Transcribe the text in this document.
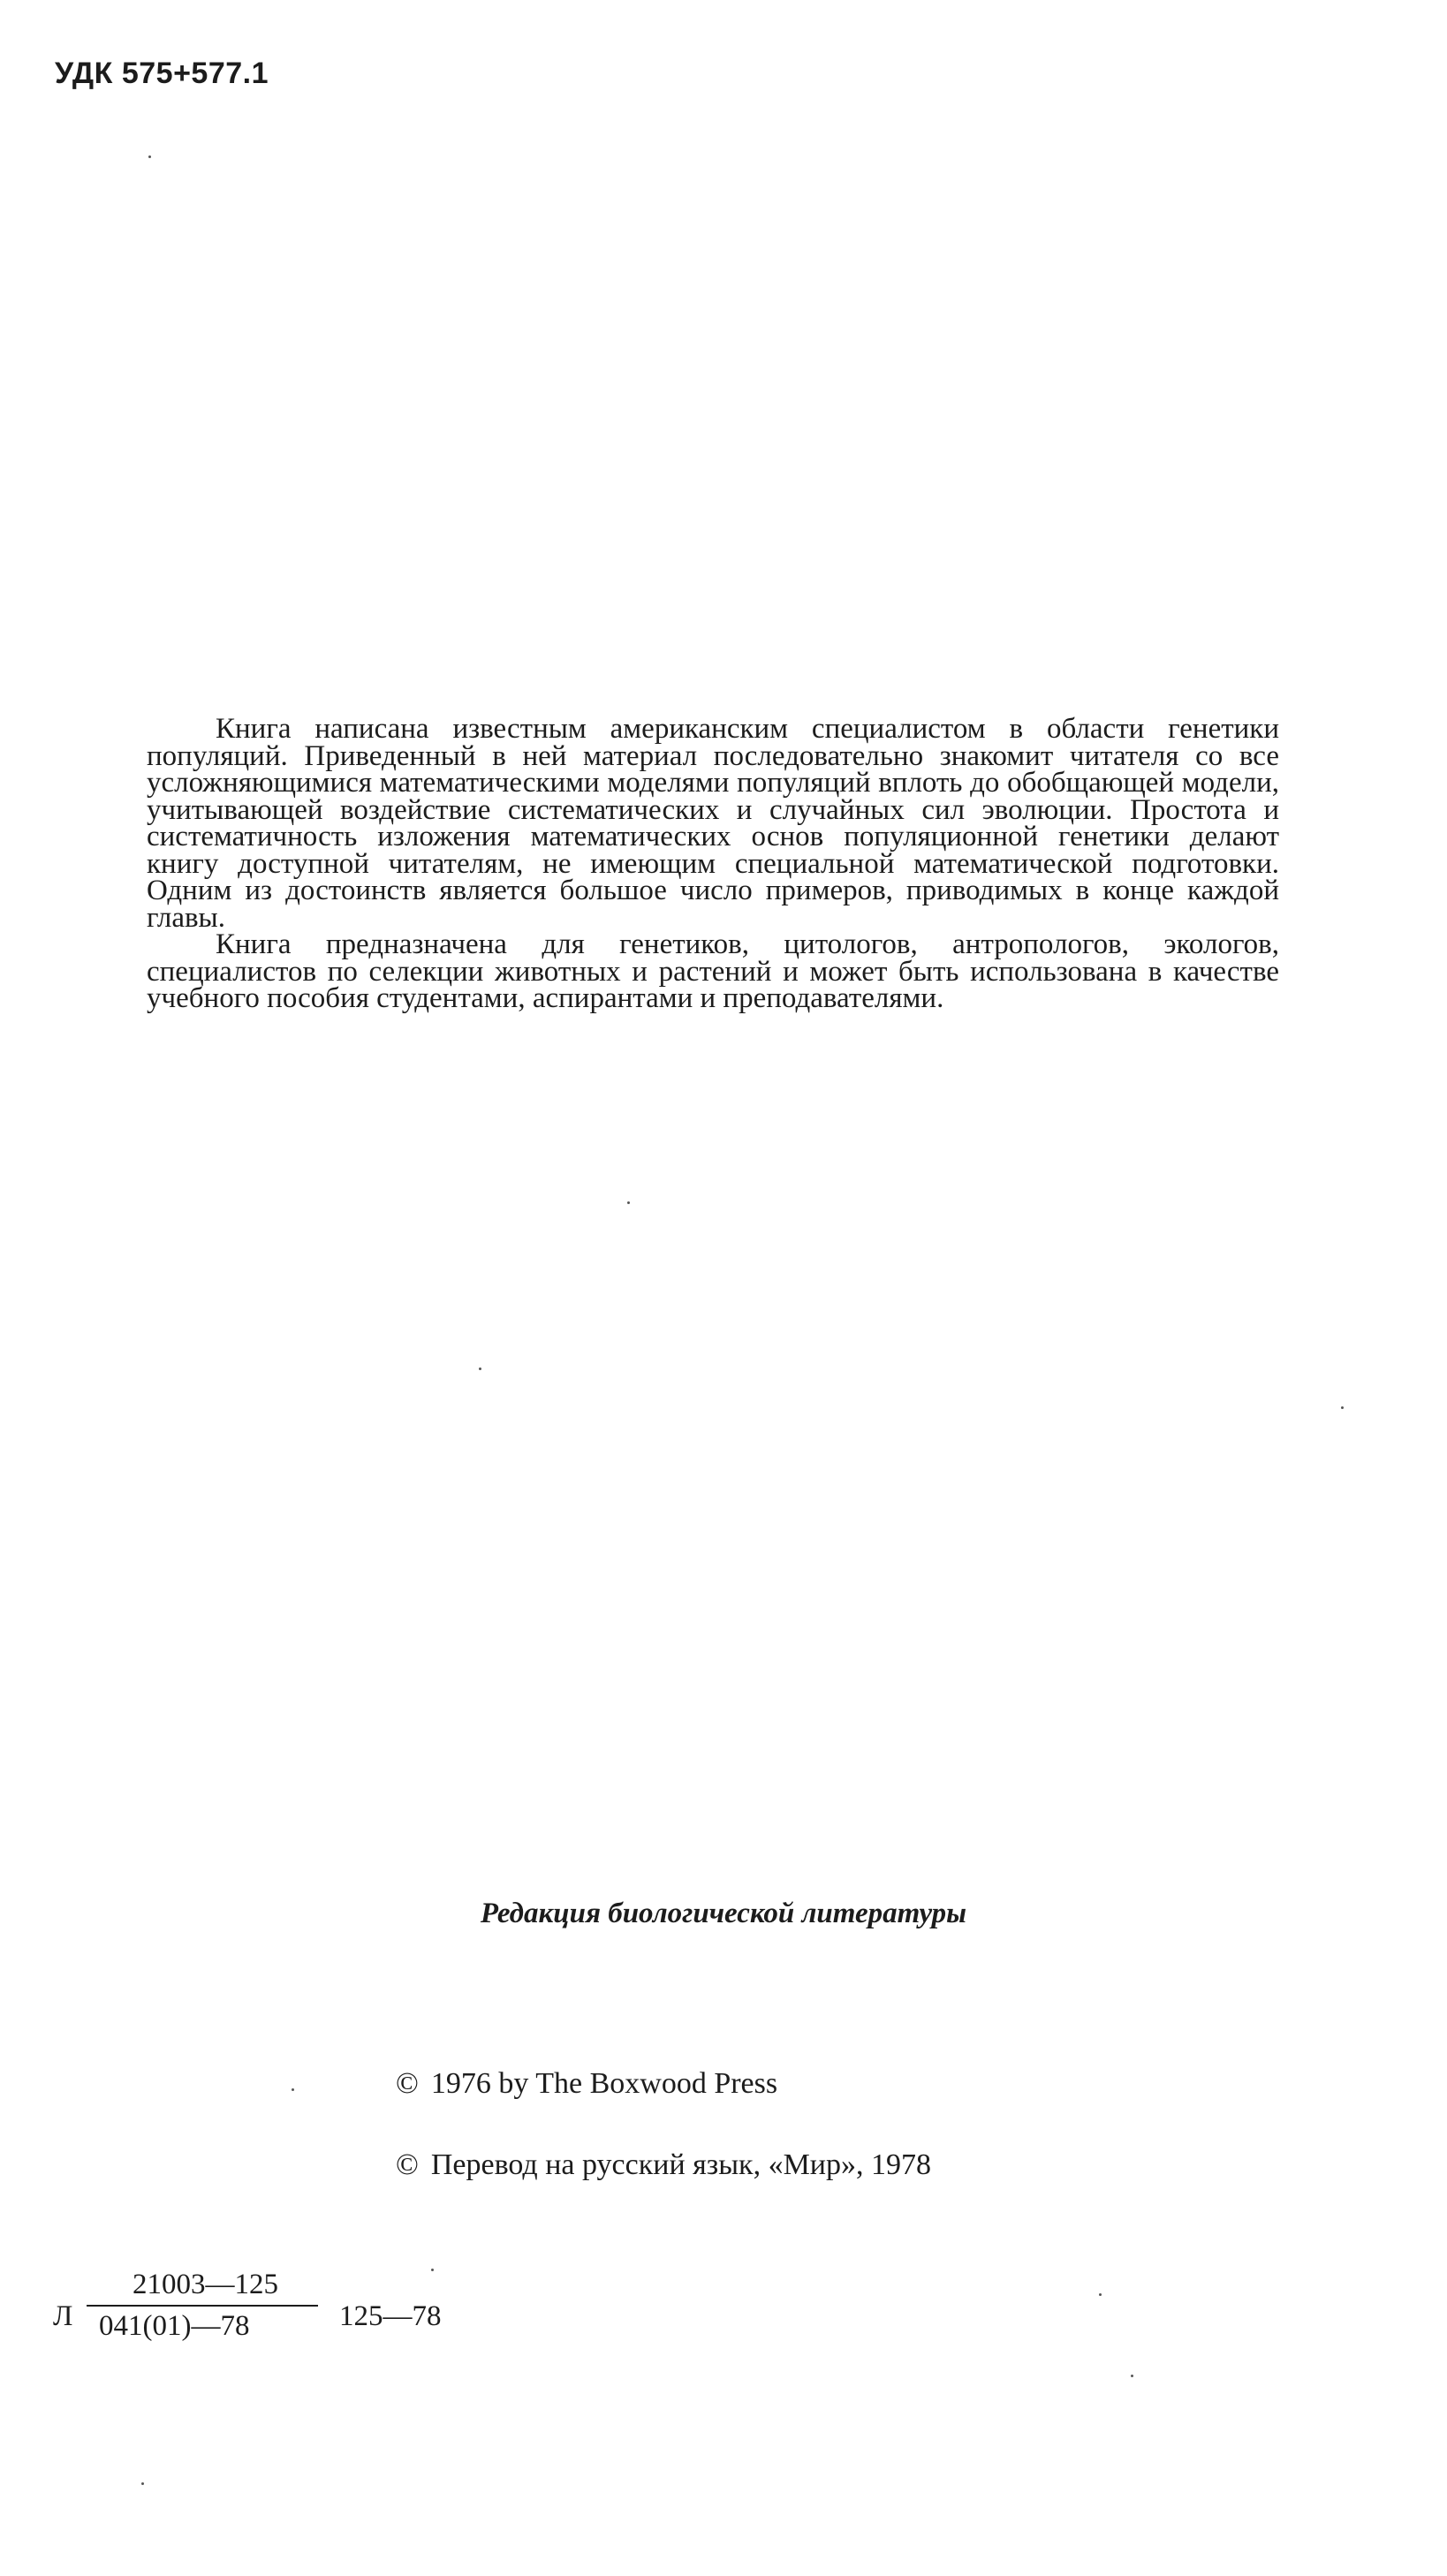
УДК 575+577.1

Книга написана известным американским специалистом в области генетики популяций. Приведенный в ней материал последовательно знакомит читателя со все усложняющимися математическими моделями популяций вплоть до обобщающей модели, учитывающей воздействие систематических и случайных сил эволюции. Простота и систематичность изложения математических основ популяционной генетики делают книгу доступной читателям, не имеющим специальной математической подготовки. Одним из достоинств является большое число примеров, приводимых в конце каждой главы.

Книга предназначена для генетиков, цитологов, антропологов, экологов, специалистов по селекции животных и растений и может быть использована в качестве учебного пособия студентами, аспирантами и преподавателями.

Редакция биологической литературы
© 1976 by The Boxwood Press
© Перевод на русский язык, «Мир», 1978
Л
21003—125
041(01)—78	125—78
